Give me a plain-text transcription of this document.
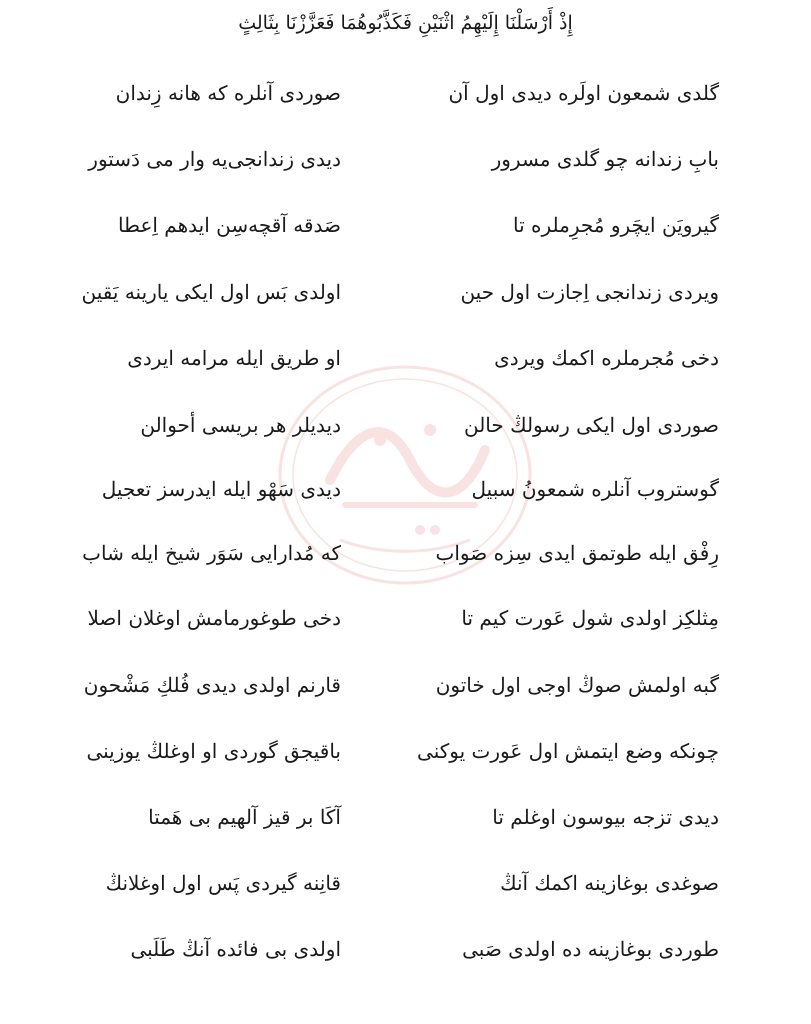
إِذْ أَرْسَلْنَا إِلَيْهِمُ اثْنَيْنِ فَكَذَّبُوهُمَا فَعَزَّزْنَا بِثَالِثٍ
گلدی شمعون اولَره دیدی اول آن
صوردی آنلره که هانه زِندان
بابِ زندانه چو گلدی مسرور
دیدی زندانجی‌یه وار می دَستور
گیرویَن ایچَرو مُجرِملره تا
صَدقه آقچه‌سِن ایدهم اِعطا
ویردی زندانجی اِجازت اول حین
اولدی بَس اول ایکی یارینه یَقین
دخی مُجرملره اکمك ویردی
او طریق ایله مرامه ایردی
صوردی اول ایکی رسولڭ حالن
دیدیلر هر بریسی أحوالن
گوستروب آنلره شمعونُ سبیل
دیدی سَهْو ایله ایدرسز تعجیل
رِفْق ایله طوتمق ایدی سِزه صَواب
که مُدارایی سَوَر شیخ ایله شاب
مِثلکِز اولدی شول عَورت کیم تا
دخی طوغورمامش اوغلان اصلا
گبه اولمش صوڭ اوجی اول خاتون
قارنم اولدی دیدی فُلكِ مَشْحون
چونکه وضع ایتمش اول عَورت یوکنی
باقیجق گوردی او اوغلڭ یوزینی
دیدی تزجه بیوسون اوغلم تا
آکَا بر قیز آلهیم بی هَمتا
صوغدی بوغازینه اکمك آنڭ
قانِنه گیردی پَس اول اوغلانڭ
طوردی بوغازینه ده اولدی صَبی
اولدی بی فائده آنڭ طَلَبی
